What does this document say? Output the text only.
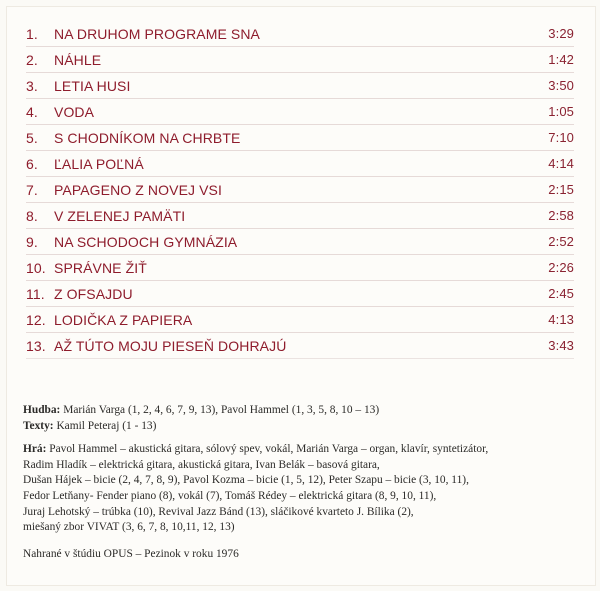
1.	NA DRUHOM PROGRAME SNA	3:29
2.	NÁHLE	1:42
3.	LETIA HUSI	3:50
4.	VODA	1:05
5.	S CHODNÍKOM NA CHRBTE	7:10
6.	ĽALIA POĽNÁ	4:14
7.	PAPAGENO Z NOVEJ VSI	2:15
8.	V ZELENEJ PAMÄTI	2:58
9.	NA SCHODOCH GYMNÁZIA	2:52
10. SPRÁVNE ŽIŤ	2:26
11. Z OFSAJDU	2:45
12. LODIČKA Z PAPIERA	4:13
13. AŽ TÚTO MOJU PIESEŇ DOHRAJÚ	3:43

Hudba: Marián Varga (1, 2, 4, 6, 7, 9, 13), Pavol Hammel (1, 3, 5, 8, 10 – 13)

Texty: Kamil Peteraj (1 - 13)

Hrá: Pavol Hammel – akustická gitara, sólový spev, vokál, Marián Varga – organ, klavír, syntetizátor,

Radim Hladík – elektrická gitara, akustická gitara, Ivan Belák – basová gitara,

Dušan Hájek – bicie (2, 4, 7, 8, 9), Pavol Kozma – bicie (1, 5, 12), Peter Szapu – bicie (3, 10, 11),

Fedor Letňany- Fender piano (8), vokál (7), Tomáš Rédey – elektrická gitara (8, 9, 10, 11),

Juraj Lehotský – trúbka (10), Revival Jazz Bánd (13), sláčikové kvarteto J. Bílika (2),

miešaný zbor VIVAT (3, 6, 7, 8, 10,11, 12, 13)

Nahrané v štúdiu OPUS – Pezinok v roku 1976
